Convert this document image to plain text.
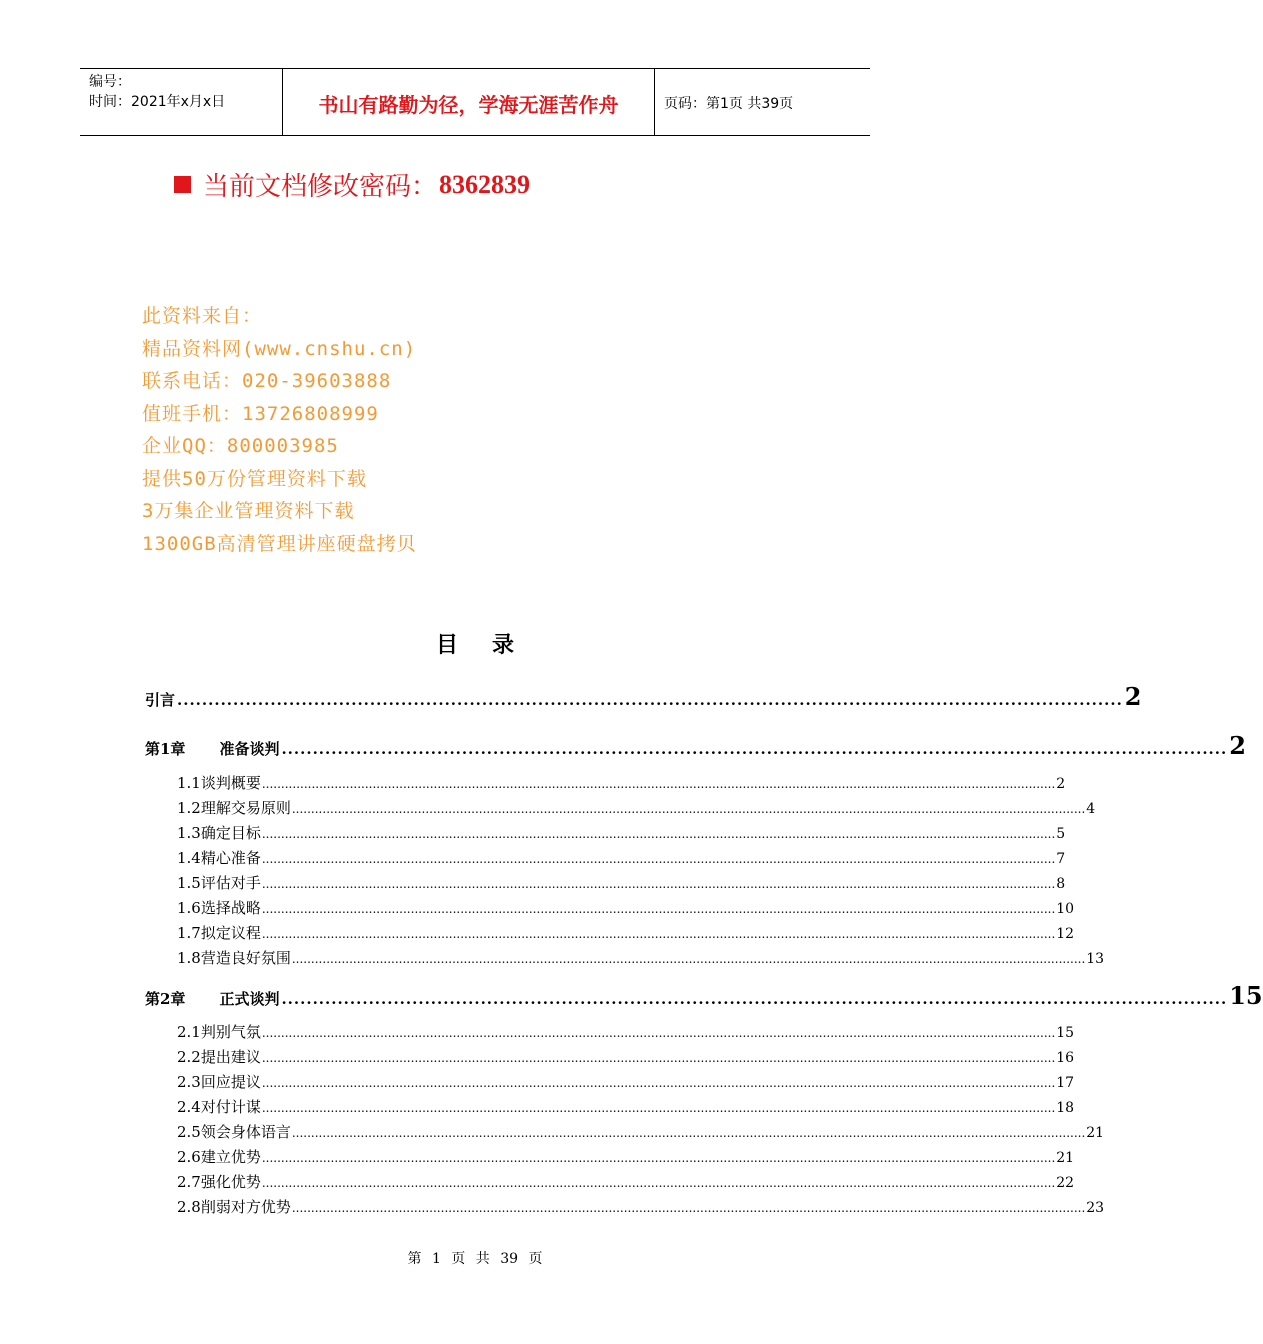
编号：
时间：2021年x月x日	书山有路勤为径，学海无涯苦作舟	页码：第1页 共39页
当前文档修改密码： 8362839
此资料来自：
精品资料网(www.cnshu.cn)
联系电话：020-39603888
值班手机：13726808999
企业QQ：800003985
提供50万份管理资料下载
3万集企业管理资料下载
1300GB高清管理讲座硬盘拷贝
目录
引言 ........................................................................................................................................................ 2
第1章 准备谈判 ........................................................................................................................................................ 2
1.1谈判概要 ................................................................................................................................................................................................................ 2
1.2理解交易原则 ................................................................................................................................................................................................................ 4
1.3确定目标 ................................................................................................................................................................................................................ 5
1.4精心准备 ................................................................................................................................................................................................................ 7
1.5评估对手 ................................................................................................................................................................................................................ 8
1.6选择战略 ................................................................................................................................................................................................................ 10
1.7拟定议程 ................................................................................................................................................................................................................ 12
1.8营造良好氛围 ................................................................................................................................................................................................................ 13
第2章 正式谈判 ........................................................................................................................................................ 15
2.1判别气氛 ................................................................................................................................................................................................................ 15
2.2提出建议 ................................................................................................................................................................................................................ 16
2.3回应提议 ................................................................................................................................................................................................................ 17
2.4对付计谋 ................................................................................................................................................................................................................ 18
2.5领会身体语言 ................................................................................................................................................................................................................ 21
2.6建立优势 ................................................................................................................................................................................................................ 21
2.7强化优势 ................................................................................................................................................................................................................ 22
2.8削弱对方优势 ................................................................................................................................................................................................................ 23
第 1 页 共 39 页
